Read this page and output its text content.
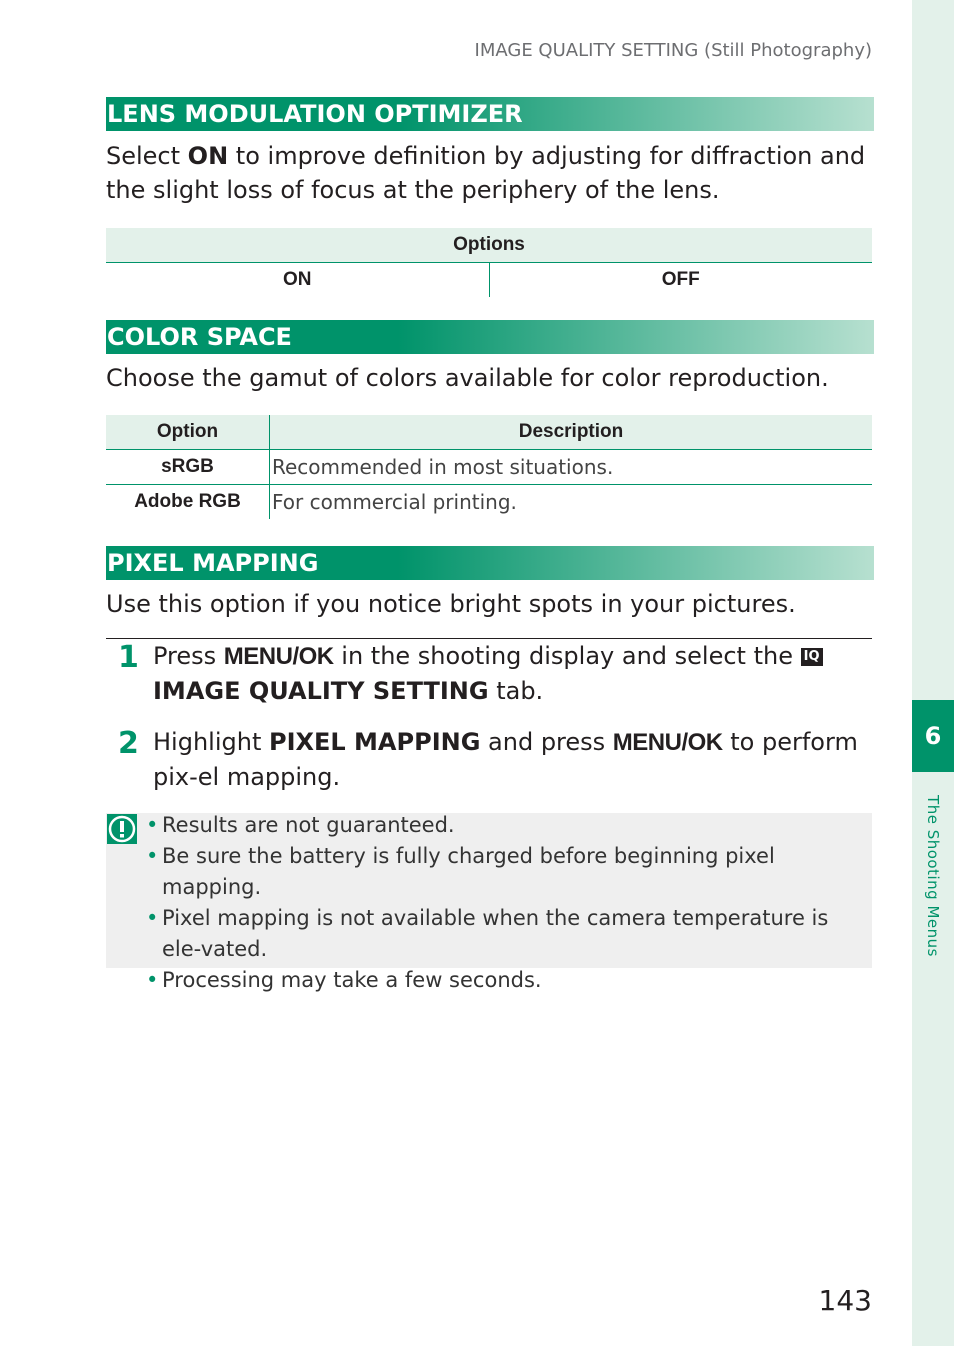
6
The Shooting Menus
IMAGE QUALITY SETTING (Still Photography)
LENS MODULATION OPTIMIZER

Select ON to improve definition by adjusting for diffraction and the slight loss of focus at the periphery of the lens.

Options
ON	OFF
COLOR SPACE

Choose the gamut of colors available for color reproduction.

Option	Description
sRGB	Recommended in most situations.
Adobe RGB	For commercial printing.
PIXEL MAPPING

Use this option if you notice bright spots in your pictures.

1 Press MENU/OK in the shooting display and select the IQ IMAGE QUALITY SETTING tab.

2 Highlight PIXEL MAPPING and press MENU/OK to perform pix-el mapping.

• Results are not guaranteed.
• Be sure the battery is fully charged before beginning pixel mapping.
• Pixel mapping is not available when the camera temperature is ele-vated.
• Processing may take a few seconds.
143
